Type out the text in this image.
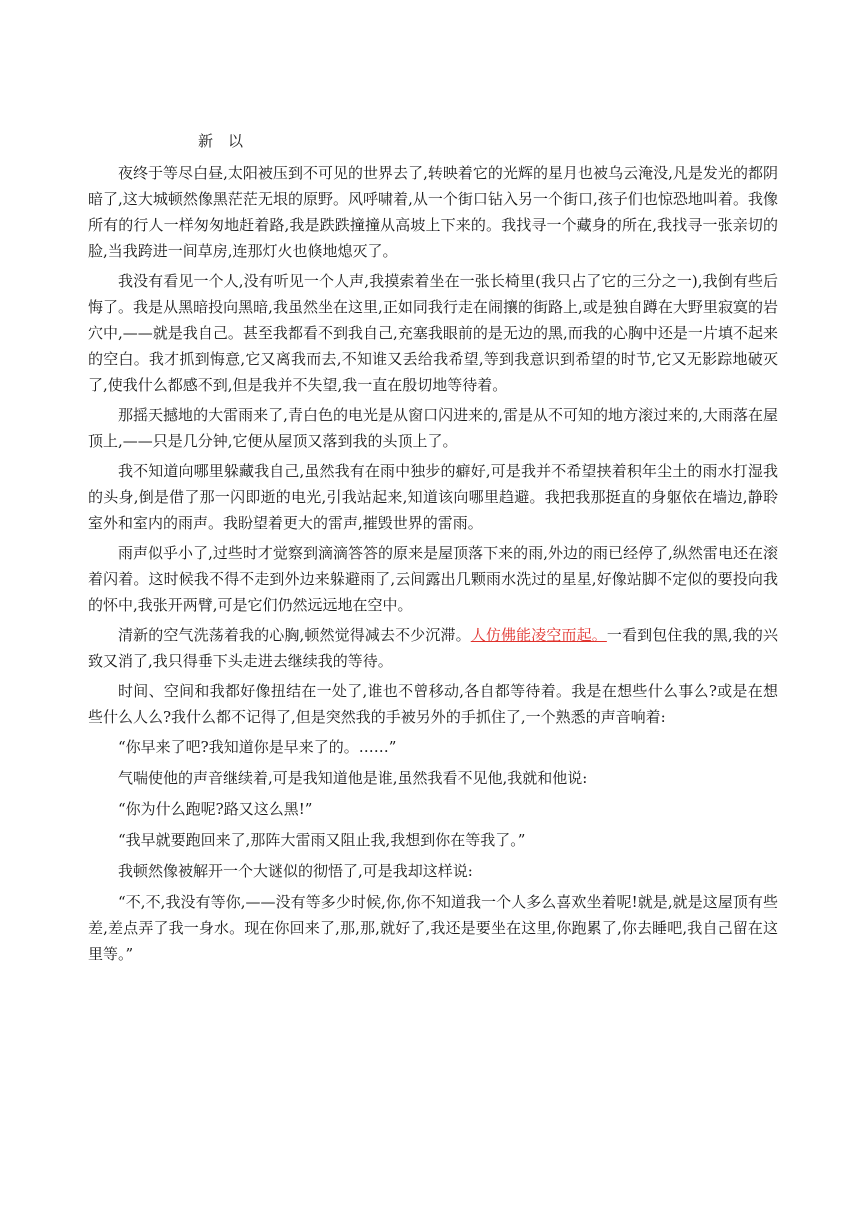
新　以

夜终于等尽白昼,太阳被压到不可见的世界去了,转映着它的光辉的星月也被乌云淹没,凡是发光的都阴暗了,这大城顿然像黑茫茫无垠的原野。风呼啸着,从一个街口钻入另一个街口,孩子们也惊恐地叫着。我像所有的行人一样匆匆地赶着路,我是跌跌撞撞从高坡上下来的。我找寻一个藏身的所在,我找寻一张亲切的脸,当我跨进一间草房,连那灯火也倏地熄灭了。

我没有看见一个人,没有听见一个人声,我摸索着坐在一张长椅里(我只占了它的三分之一),我倒有些后悔了。我是从黑暗投向黑暗,我虽然坐在这里,正如同我行走在闹攘的街路上,或是独自蹲在大野里寂寞的岩穴中,——就是我自己。甚至我都看不到我自己,充塞我眼前的是无边的黑,而我的心胸中还是一片填不起来的空白。我才抓到悔意,它又离我而去,不知谁又丢给我希望,等到我意识到希望的时节,它又无影踪地破灭了,使我什么都感不到,但是我并不失望,我一直在殷切地等待着。

那摇天撼地的大雷雨来了,青白色的电光是从窗口闪进来的,雷是从不可知的地方滚过来的,大雨落在屋顶上,——只是几分钟,它便从屋顶又落到我的头顶上了。

我不知道向哪里躲藏我自己,虽然我有在雨中独步的癖好,可是我并不希望挟着积年尘土的雨水打湿我的头身,倒是借了那一闪即逝的电光,引我站起来,知道该向哪里趋避。我把我那挺直的身躯依在墙边,静聆室外和室内的雨声。我盼望着更大的雷声,摧毁世界的雷雨。

雨声似乎小了,过些时才觉察到滴滴答答的原来是屋顶落下来的雨,外边的雨已经停了,纵然雷电还在滚着闪着。这时候我不得不走到外边来躲避雨了,云间露出几颗雨水洗过的星星,好像站脚不定似的要投向我的怀中,我张开两臂,可是它们仍然远远地在空中。

清新的空气洗荡着我的心胸,顿然觉得减去不少沉滞。人仿佛能凌空而起。一看到包住我的黑,我的兴致又消了,我只得垂下头走进去继续我的等待。

时间、空间和我都好像扭结在一处了,谁也不曾移动,各自都等待着。我是在想些什么事么?或是在想些什么人么?我什么都不记得了,但是突然我的手被另外的手抓住了,一个熟悉的声音响着:

“你早来了吧?我知道你是早来了的。……”

气喘使他的声音继续着,可是我知道他是谁,虽然我看不见他,我就和他说:

“你为什么跑呢?路又这么黑!”

“我早就要跑回来了,那阵大雷雨又阻止我,我想到你在等我了。”

我顿然像被解开一个大谜似的彻悟了,可是我却这样说:

“不,不,我没有等你,——没有等多少时候,你,你不知道我一个人多么喜欢坐着呢!就是,就是这屋顶有些差,差点弄了我一身水。现在你回来了,那,那,就好了,我还是要坐在这里,你跑累了,你去睡吧,我自己留在这里等。”
